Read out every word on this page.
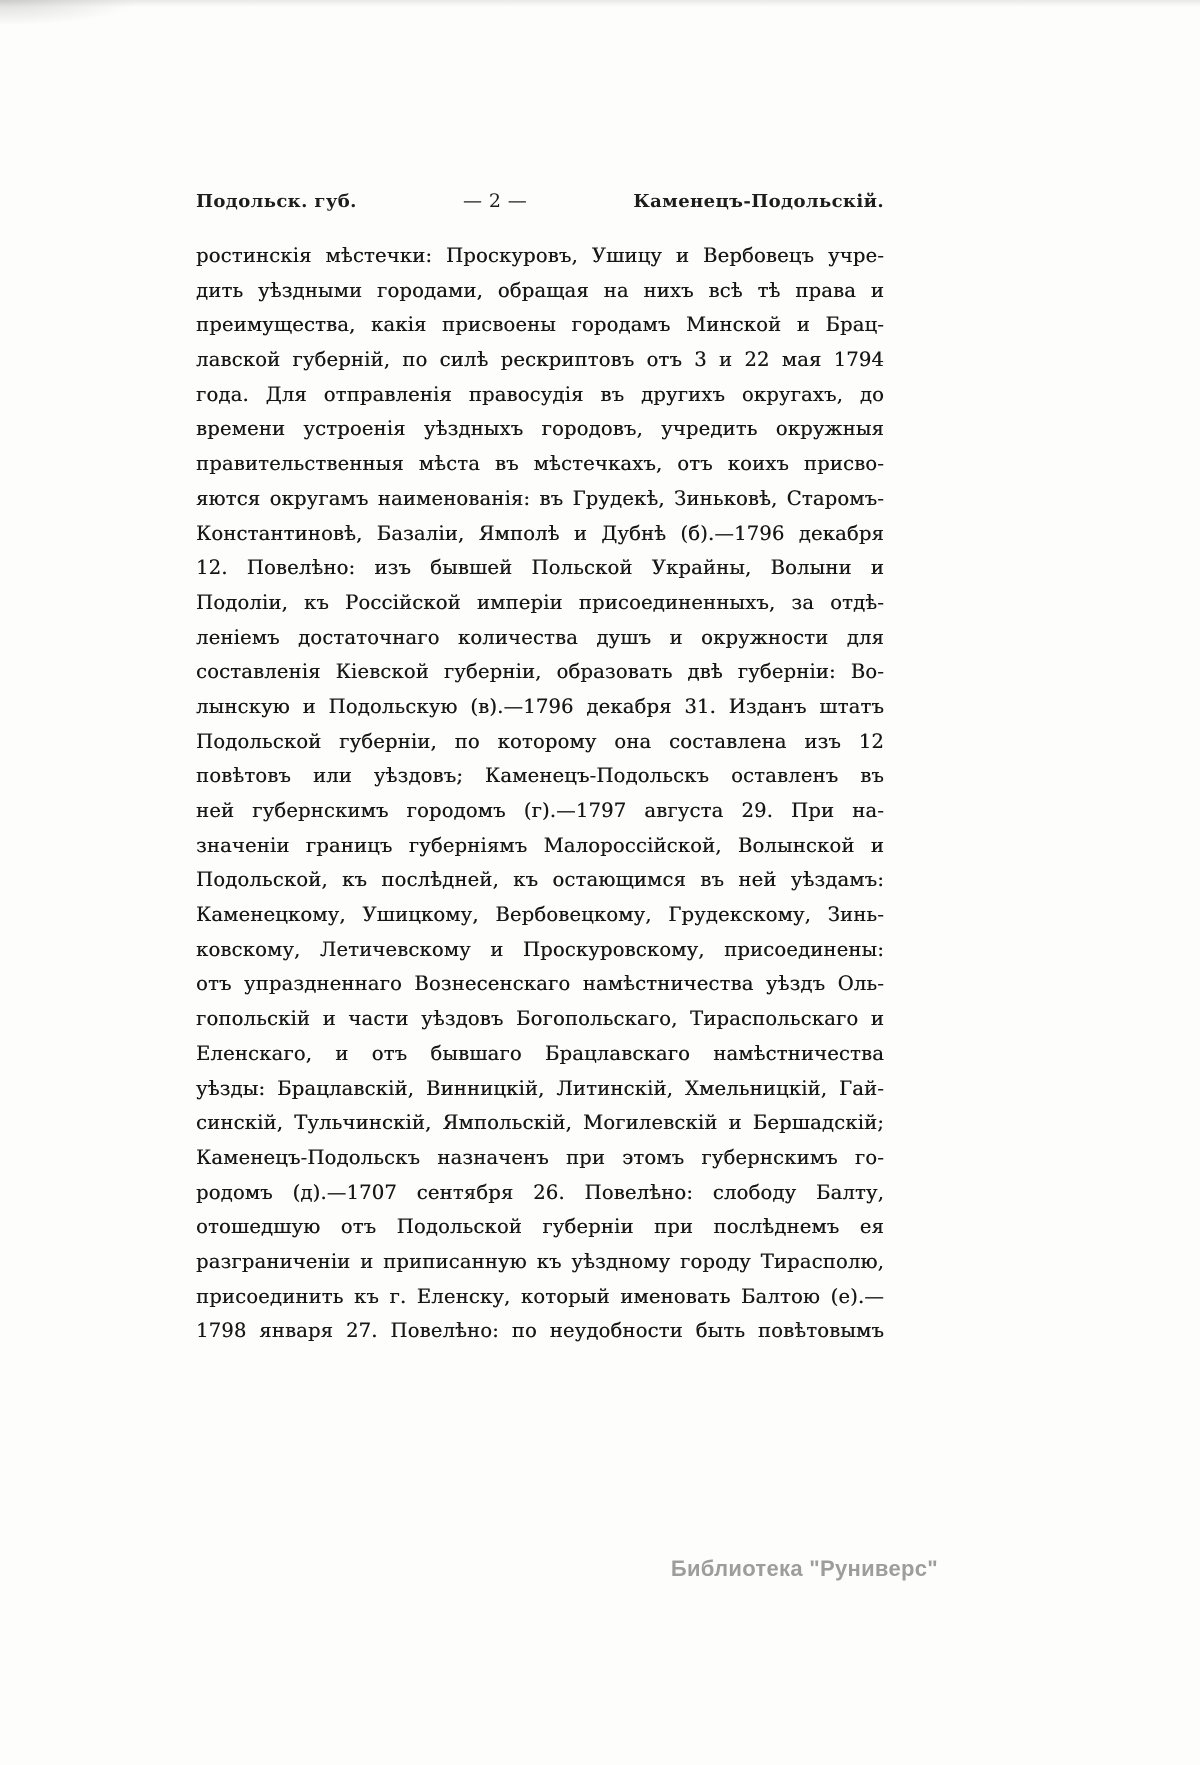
Подольск. губ.	— 2 —	Каменецъ-Подольскій.
ростинскія мѣстечки: Проскуровъ, Ушицу и Вербовецъ учре-
дить уѣздными городами, обращая на нихъ всѣ тѣ права и
преимущества, какія присвоены городамъ Минской и Брац-
лавской губерній, по силѣ рескриптовъ отъ 3 и 22 мая 1794
года. Для отправленія правосудія въ другихъ округахъ, до
времени устроенія уѣздныхъ городовъ, учредить окружныя
правительственныя мѣста въ мѣстечкахъ, отъ коихъ присво-
яются округамъ наименованія: въ Грудекѣ, Зиньковѣ, Старомъ-
Константиновѣ, Базаліи, Ямполѣ и Дубнѣ (б).—1796 декабря
12. Повелѣно: изъ бывшей Польской Украйны, Волыни и
Подоліи, къ Россійской имперіи присоединенныхъ, за отдѣ-
леніемъ достаточнаго количества душъ и окружности для
составленія Кіевской губерніи, образовать двѣ губерніи: Во-
лынскую и Подольскую (в).—1796 декабря 31. Изданъ штатъ
Подольской губерніи, по которому она составлена изъ 12
повѣтовъ или уѣздовъ; Каменецъ-Подольскъ оставленъ въ
ней губернскимъ городомъ (г).—1797 августа 29. При на-
значеніи границъ губерніямъ Малороссійской, Волынской и
Подольской, къ послѣдней, къ остающимся въ ней уѣздамъ:
Каменецкому, Ушицкому, Вербовецкому, Грудекскому, Зинь-
ковскому, Летичевскому и Проскуровскому, присоединены:
отъ упраздненнаго Вознесенскаго намѣстничества уѣздъ Оль-
гопольскій и части уѣздовъ Богопольскаго, Тираспольскаго и
Еленскаго, и отъ бывшаго Брацлавскаго намѣстничества
уѣзды: Брацлавскій, Винницкій, Литинскій, Хмельницкій, Гай-
синскій, Тульчинскій, Ямпольскій, Могилевскій и Бершадскій;
Каменецъ-Подольскъ назначенъ при этомъ губернскимъ го-
родомъ (д).—1707 сентября 26. Повелѣно: слободу Балту,
отошедшую отъ Подольской губерніи при послѣднемъ ея
разграниченіи и приписанную къ уѣздному городу Тирасполю,
присоединить къ г. Еленску, который именовать Балтою (е).—
1798 января 27. Повелѣно: по неудобности быть повѣтовымъ
Библиотека "Руниверс"
